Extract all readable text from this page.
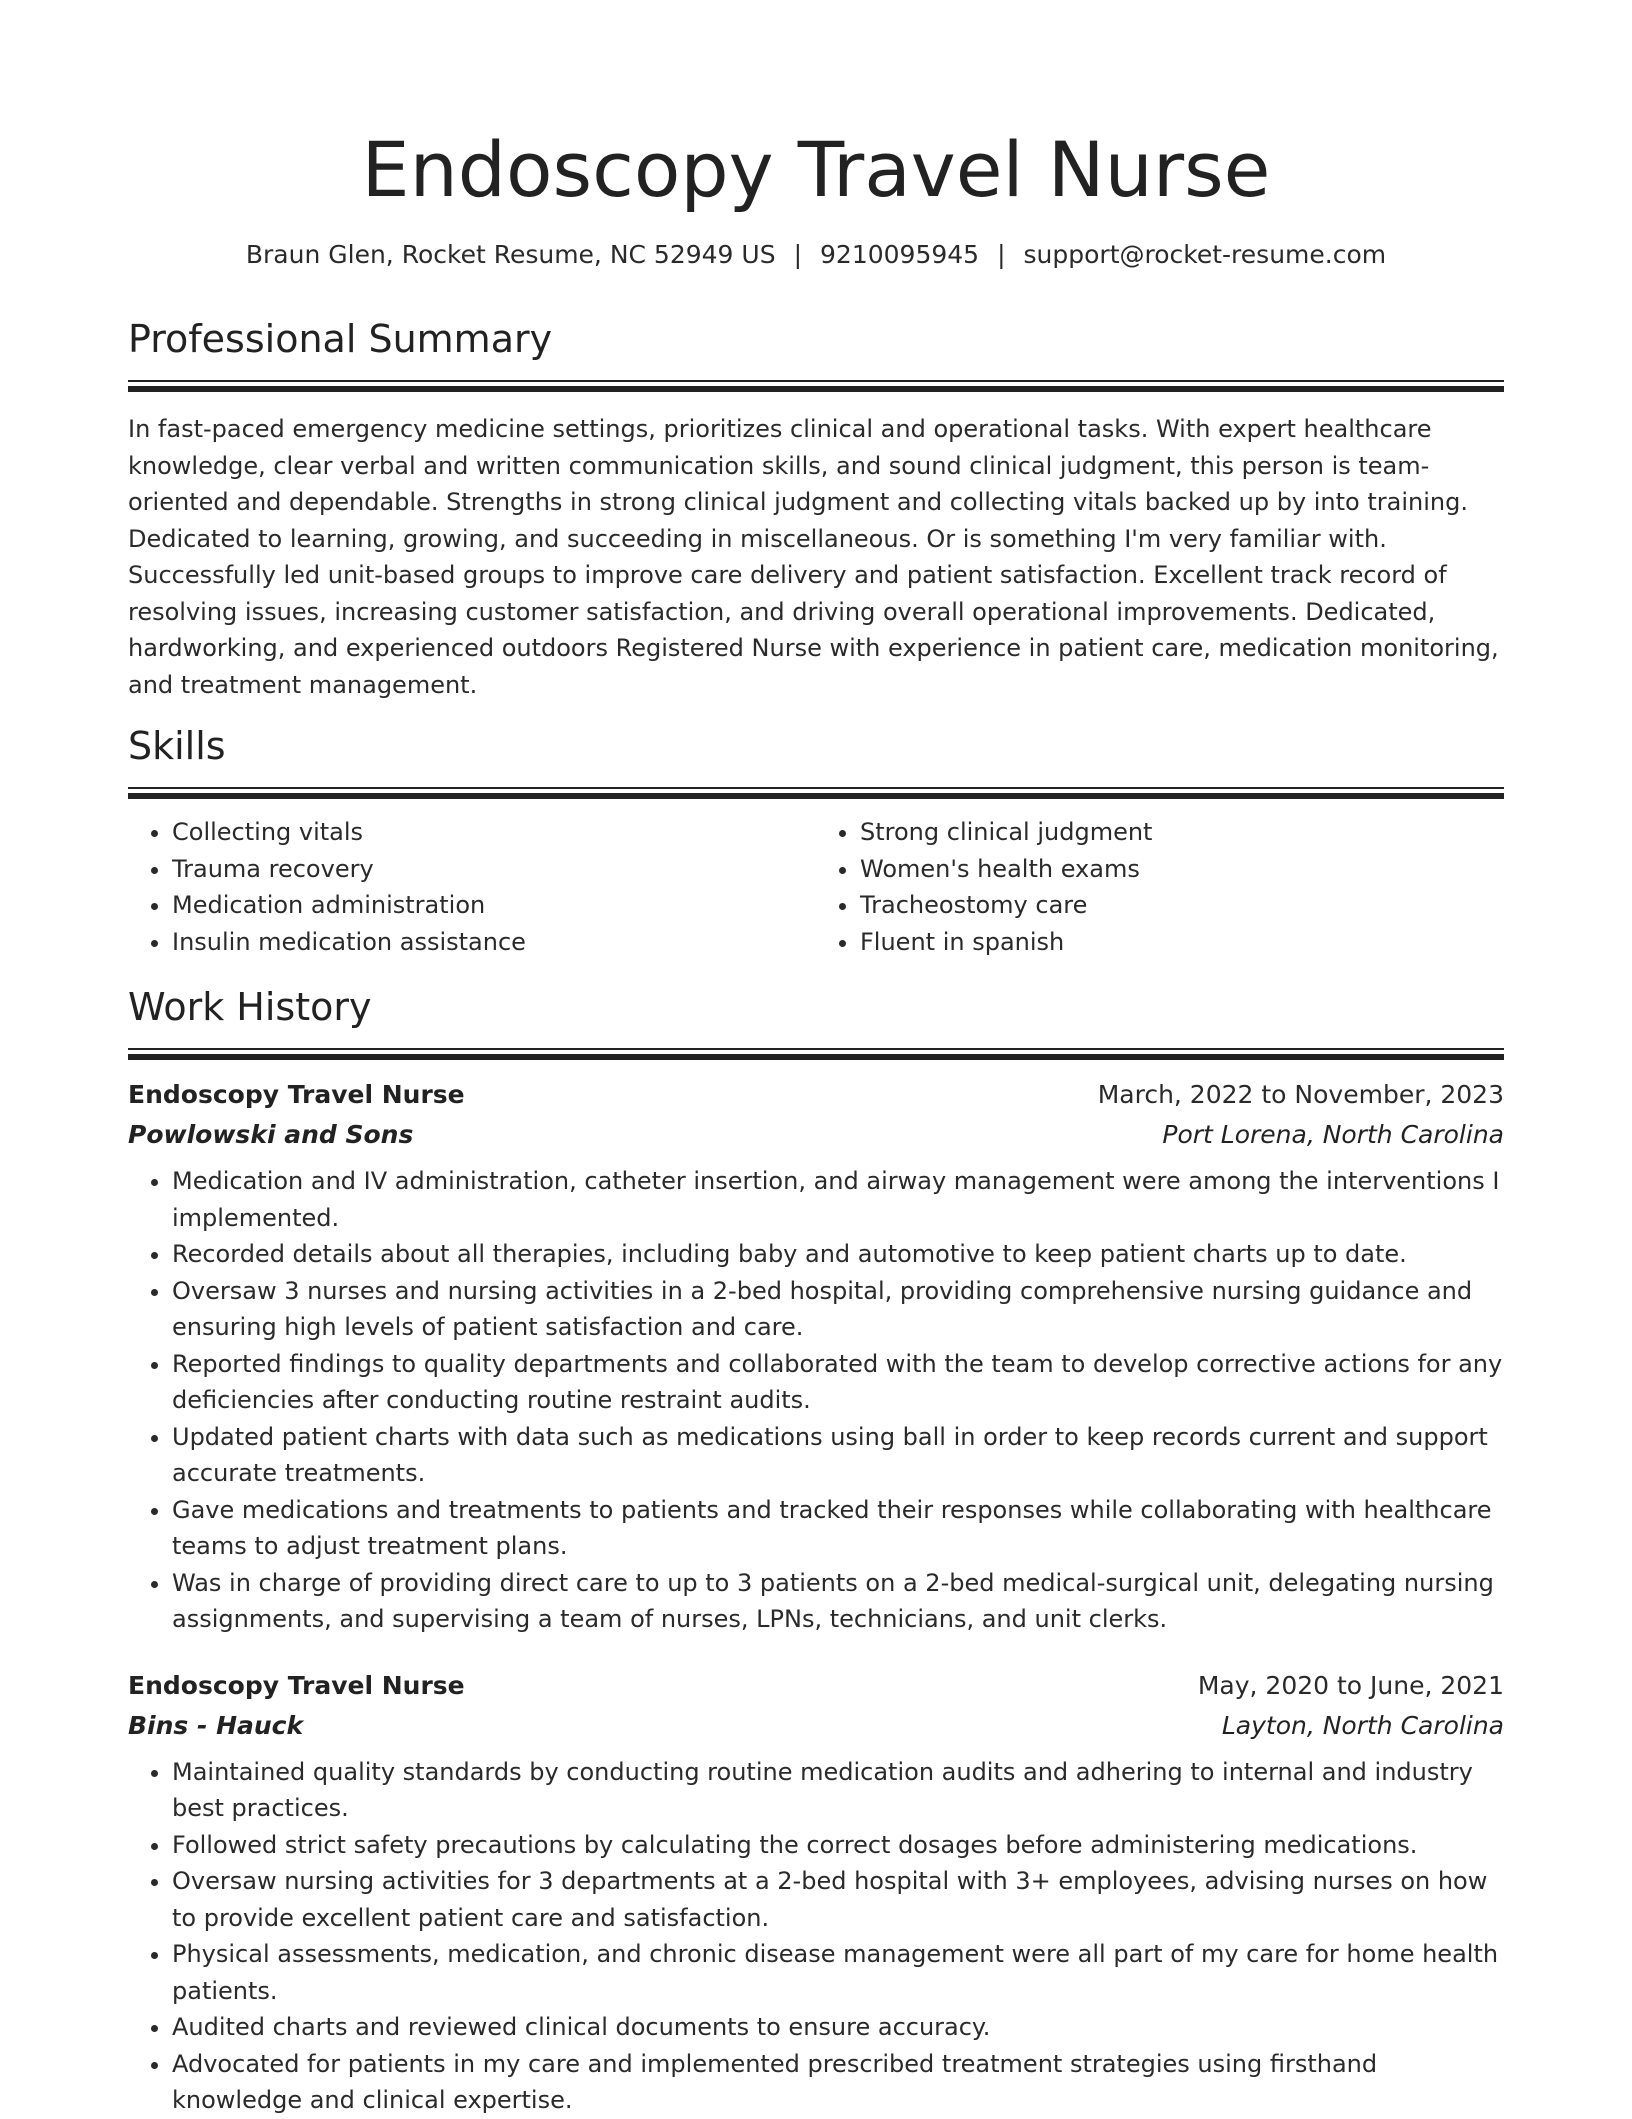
Endoscopy Travel Nurse
Braun Glen, Rocket Resume, NC 52949 US | 9210095945 | support@rocket-resume.com
Professional Summary

In fast-paced emergency medicine settings, prioritizes clinical and operational tasks. With expert healthcare knowledge, clear verbal and written communication skills, and sound clinical judgment, this person is team-oriented and dependable. Strengths in strong clinical judgment and collecting vitals backed up by into training. Dedicated to learning, growing, and succeeding in miscellaneous. Or is something I'm very familiar with. Successfully led unit-based groups to improve care delivery and patient satisfaction. Excellent track record of resolving issues, increasing customer satisfaction, and driving overall operational improvements. Dedicated, hardworking, and experienced outdoors Registered Nurse with experience in patient care, medication monitoring, and treatment management.

Skills
• Collecting vitals
• Trauma recovery
• Medication administration
• Insulin medication assistance
• Strong clinical judgment
• Women's health exams
• Tracheostomy care
• Fluent in spanish
Work History
Endoscopy Travel Nurse	March, 2022 to November, 2023
Powlowski and Sons	Port Lorena, North Carolina
• Medication and IV administration, catheter insertion, and airway management were among the interventions I implemented.
• Recorded details about all therapies, including baby and automotive to keep patient charts up to date.
• Oversaw 3 nurses and nursing activities in a 2-bed hospital, providing comprehensive nursing guidance and ensuring high levels of patient satisfaction and care.
• Reported findings to quality departments and collaborated with the team to develop corrective actions for any deficiencies after conducting routine restraint audits.
• Updated patient charts with data such as medications using ball in order to keep records current and support accurate treatments.
• Gave medications and treatments to patients and tracked their responses while collaborating with healthcare teams to adjust treatment plans.
• Was in charge of providing direct care to up to 3 patients on a 2-bed medical-surgical unit, delegating nursing assignments, and supervising a team of nurses, LPNs, technicians, and unit clerks.
Endoscopy Travel Nurse	May, 2020 to June, 2021
Bins - Hauck	Layton, North Carolina
• Maintained quality standards by conducting routine medication audits and adhering to internal and industry best practices.
• Followed strict safety precautions by calculating the correct dosages before administering medications.
• Oversaw nursing activities for 3 departments at a 2-bed hospital with 3+ employees, advising nurses on how to provide excellent patient care and satisfaction.
• Physical assessments, medication, and chronic disease management were all part of my care for home health patients.
• Audited charts and reviewed clinical documents to ensure accuracy.
• Advocated for patients in my care and implemented prescribed treatment strategies using firsthand knowledge and clinical expertise.
